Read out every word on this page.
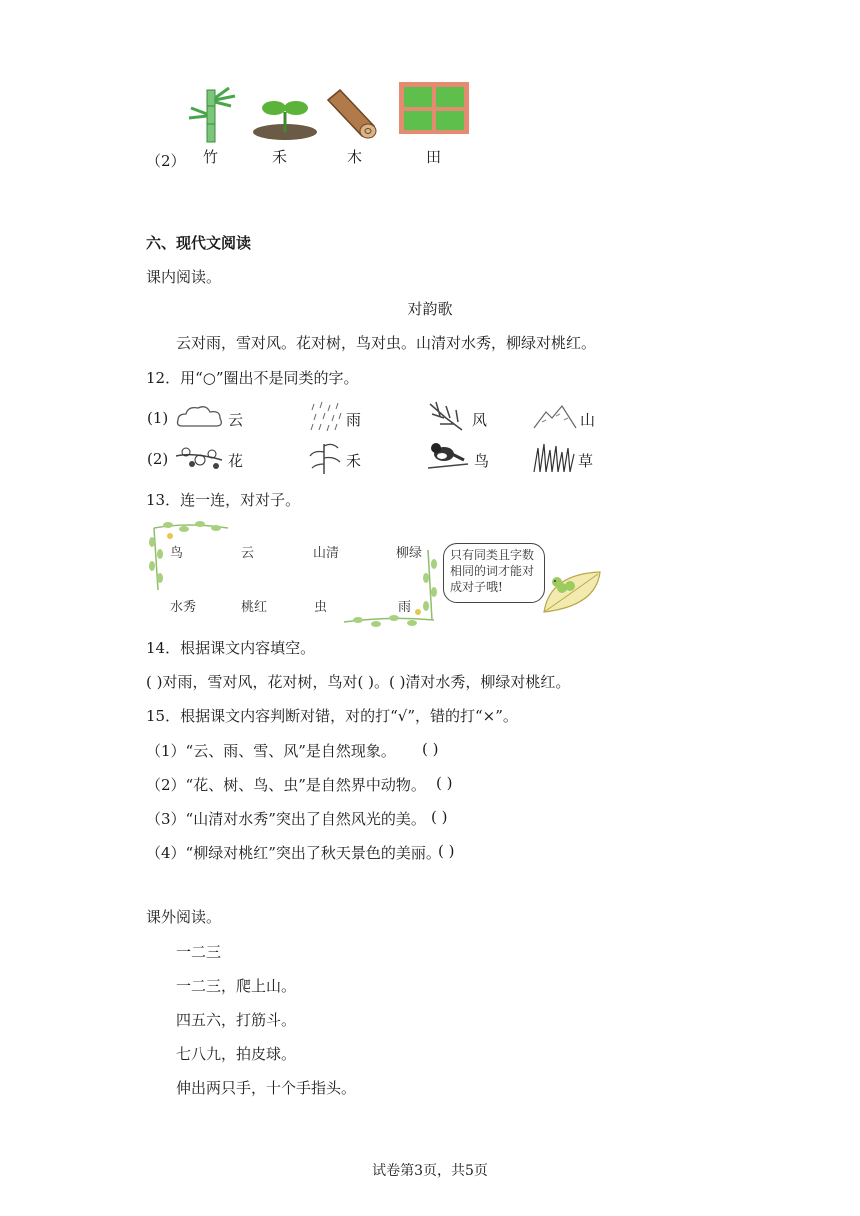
（2） 竹	禾	木	田
六、现代文阅读
课内阅读。
对韵歌
云对雨，雪对风。花对树，鸟对虫。山清对水秀，柳绿对桃红。
12．用“○”圈出不是同类的字。
(1)	云	雨	风	山
(2)	花	禾	鸟	草
13．连一连，对对子。
鸟	云	山清	柳绿
水秀	桃红	虫	雨
只有同类且字数相同的词才能对成对子哦!
14．根据课文内容填空。
( )对雨，雪对风，花对树，鸟对( )。( )清对水秀，柳绿对桃红。
15．根据课文内容判断对错，对的打“√”，错的打“×”。
（1）“云、雨、雪、风”是自然现象。 ( )
（2）“花、树、鸟、虫”是自然界中动物。 ( )
（3）“山清对水秀”突出了自然风光的美。 ( )
（4）“柳绿对桃红”突出了秋天景色的美丽。
( )
课外阅读。
一二三
一二三，爬上山。
四五六，打筋斗。
七八九，拍皮球。
伸出两只手，十个手指头。
试卷第3页，共5页
